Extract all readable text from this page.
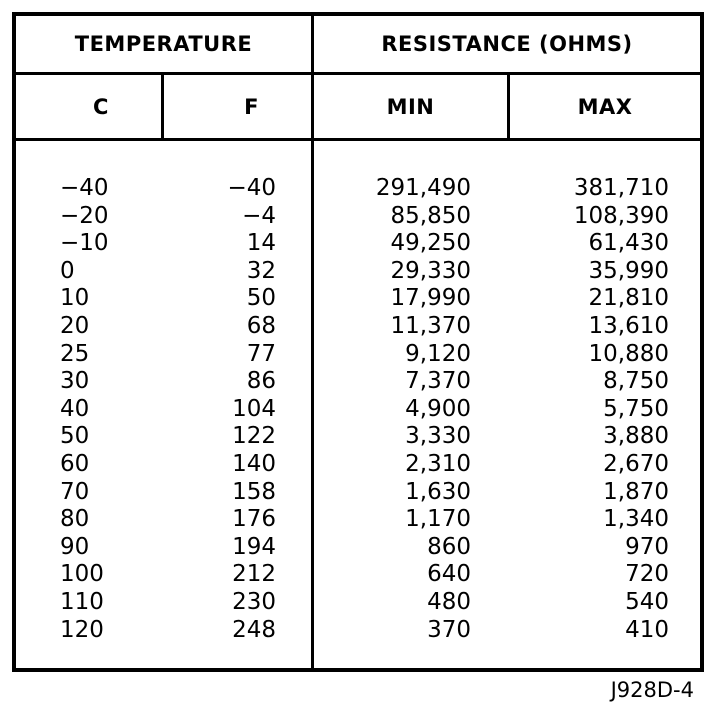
TEMPERATURE	RESISTANCE (OHMS)
C	F	MIN	MAX
−40	−40	291,490	381,710
−20	−4	85,850	108,390
−10	14	49,250	61,430
0	32	29,330	35,990
10	50	17,990	21,810
20	68	11,370	13,610
25	77	9,120	10,880
30	86	7,370	8,750
40	104	4,900	5,750
50	122	3,330	3,880
60	140	2,310	2,670
70	158	1,630	1,870
80	176	1,170	1,340
90	194	860	970
100	212	640	720
110	230	480	540
120	248	370	410
J928D-4
